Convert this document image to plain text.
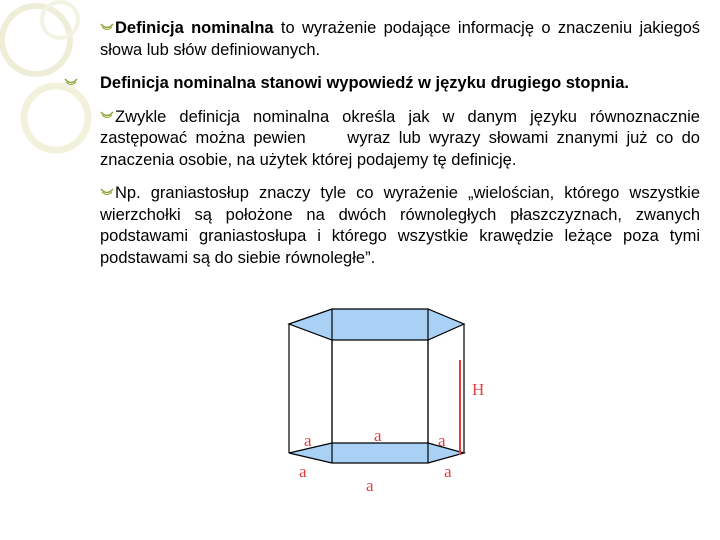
Definicja nominalna to wyrażenie podające informację o znaczeniu jakiegoś słowa lub słów definiowanych.
Definicja nominalna stanowi wypowiedź w języku drugiego stopnia.
Zwykle definicja nominalna określa jak w danym języku równoznacznie zastępować można pewien     wyraz lub wyrazy słowami znanymi już co do znaczenia osobie, na użytek której podajemy tę definicję.
Np. graniastosłup znaczy tyle co wyrażenie „wielościan, którego wszystkie wierzchołki są położone na dwóch równoległych płaszczyznach, zwanych podstawami graniastosłupa i którego wszystkie krawędzie leżące poza tymi podstawami są do siebie równoległe”.
H
a	a	a
a
a
a
